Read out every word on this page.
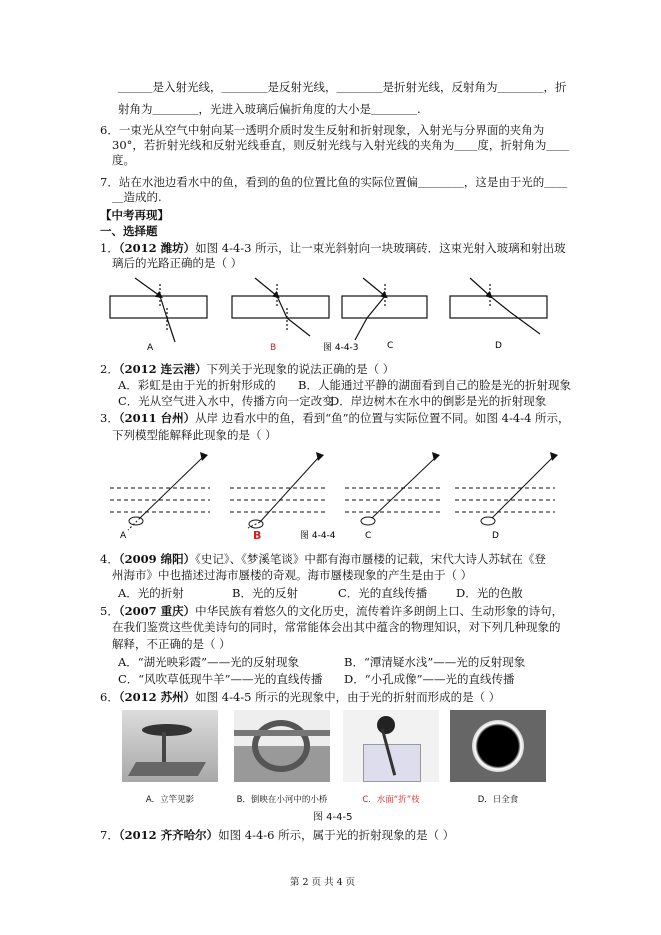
＿＿＿是入射光线，＿＿＿＿是反射光线，＿＿＿＿是折射光线，反射角为＿＿＿＿，折
射角为＿＿＿＿，光进入玻璃后偏折角度的大小是＿＿＿＿.
6．一束光从空气中射向某一透明介质时发生反射和折射现象，入射光与分界面的夹角为
30°，若折射光线和反射光线垂直，则反射光线与入射光线的夹角为＿＿度，折射角为＿＿
度。
7．站在水池边看水中的鱼，看到的鱼的位置比鱼的实际位置偏＿＿＿＿，这是由于光的＿＿
＿造成的.
【中考再现】
一、选择题
1．（2012 潍坊）如图 4-4-3 所示，让一束光斜射向一块玻璃砖．这束光射入玻璃和射出玻
璃后的光路正确的是（ ）
A	B	C	D
图 4-4-3
2．（2012 连云港）下列关于光现象的说法正确的是（ ）
A．彩虹是由于光的折射形成的 B．人能通过平静的湖面看到自己的脸是光的折射现象
C．光从空气进入水中，传播方向一定改变
D．岸边树木在水中的倒影是光的折射现象
3．（2011 台州）从岸 边看水中的鱼，看到“鱼”的位置与实际位置不同。如图 4-4-4 所示，
下列模型能解释此现象的是（ ）
A	B	C	D
图 4-4-4
4．（2009 绵阳）《史记》、《梦溪笔谈》中都有海市蜃楼的记载，宋代大诗人苏轼在《登
州海市》中也描述过海市蜃楼的奇观。海市蜃楼现象的产生是由于（ ）
A．光的折射	B．光的反射	C．光的直线传播 D．光的色散
5．（2007 重庆）中华民族有着悠久的文化历史，流传着许多朗朗上口、生动形象的诗句，
在我们鉴赏这些优美诗句的同时，常常能体会出其中蕴含的物理知识，对下列几种现象的
解释，不正确的是（ ）
A．“湖光映彩霞”——光的反射现象	B．“潭清疑水浅”——光的反射现象
C．“风吹草低现牛羊”——光的直线传播 D．“小孔成像”——光的直线传播
6．（2012 苏州）如图 4-4-5 所示的光现象中，由于光的折射而形成的是（ ）
A．立竿见影	B．倒映在小河中的小桥	C．水面“折”枝	D．日全食
图 4-4-5
7．（2012 齐齐哈尔）如图 4-4-6 所示，属于光的折射现象的是（ ）
第 2 页 共 4 页
